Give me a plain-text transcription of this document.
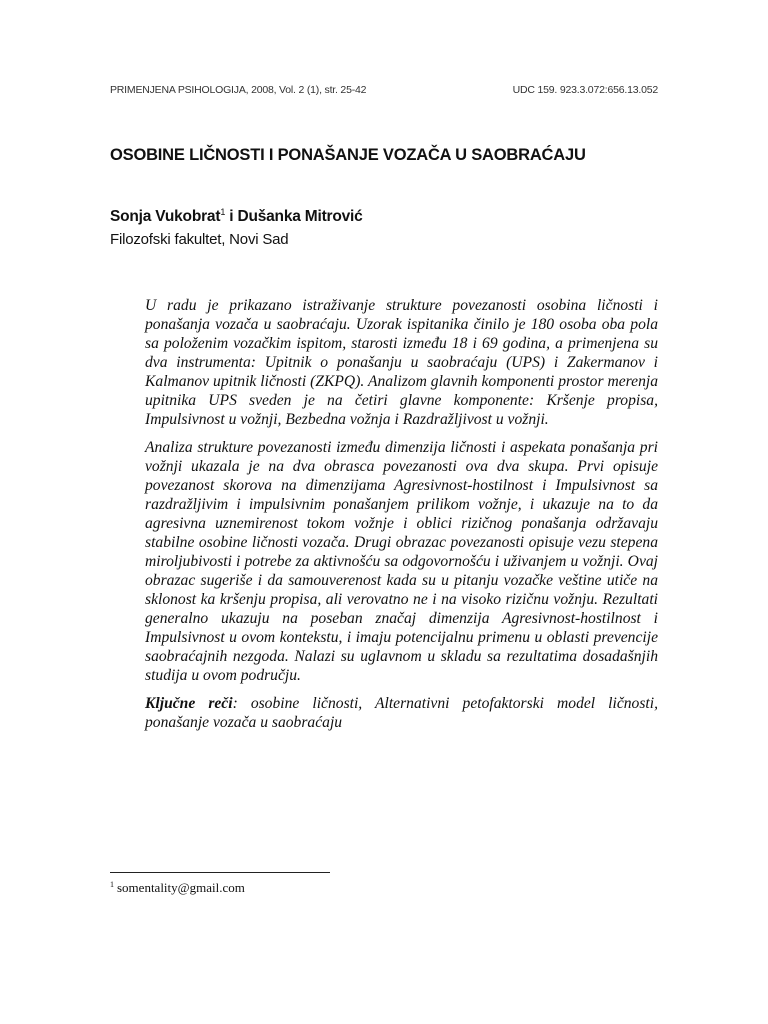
PRIMENJENA PSIHOLOGIJA, 2008, Vol. 2 (1), str. 25-42	UDC 159. 923.3.072:656.13.052
OSOBINE LIČNOSTI I PONAŠANJE VOZAČA U SAOBRAĆAJU
Sonja Vukobrat$^1$ i Dušanka Mitrović
Filozofski fakultet, Novi Sad

U radu je prikazano istraživanje strukture povezanosti osobina ličnosti i ponašanja vozača u saobraćaju. Uzorak ispitanika činilo je 180 osoba oba pola sa položenim vozačkim ispitom, starosti između 18 i 69 godina, a primenjena su dva instrumenta: Upitnik o ponašanju u saobraćaju (UPS) i Zakermanov i Kalmanov upitnik ličnosti (ZKPQ). Analizom glavnih komponenti prostor merenja upitnika UPS sveden je na četiri glavne komponente: Kršenje propisa, Impulsivnost u vožnji, Bezbedna vožnja i Razdražljivost u vožnji.

Analiza strukture povezanosti između dimenzija ličnosti i aspekata ponašanja pri vožnji ukazala je na dva obrasca povezanosti ova dva skupa. Prvi opisuje povezanost skorova na dimenzijama Agresivnost-hostilnost i Impulsivnost sa razdražljivim i impulsivnim ponašanjem prilikom vožnje, i ukazuje na to da agresivna uznemirenost tokom vožnje i oblici rizičnog ponašanja održavaju stabilne osobine ličnosti vozača. Drugi obrazac povezanosti opisuje vezu stepena miroljubivosti i potrebe za aktivnošću sa odgovornošću i uživanjem u vožnji. Ovaj obrazac sugeriše i da samouverenost kada su u pitanju vozačke veštine utiče na sklonost ka kršenju propisa, ali verovatno ne i na visoko rizičnu vožnju. Rezultati generalno ukazuju na poseban značaj dimenzija Agresivnost-hostilnost i Impulsivnost u ovom kontekstu, i imaju potencijalnu primenu u oblasti prevencije saobraćajnih nezgoda. Nalazi su uglavnom u skladu sa rezultatima dosadašnjih studija u ovom području.

Ključne reči: osobine ličnosti, Alternativni petofaktorski model ličnosti, ponašanje vozača u saobraćaju

$^1$ somentality@gmail.com
